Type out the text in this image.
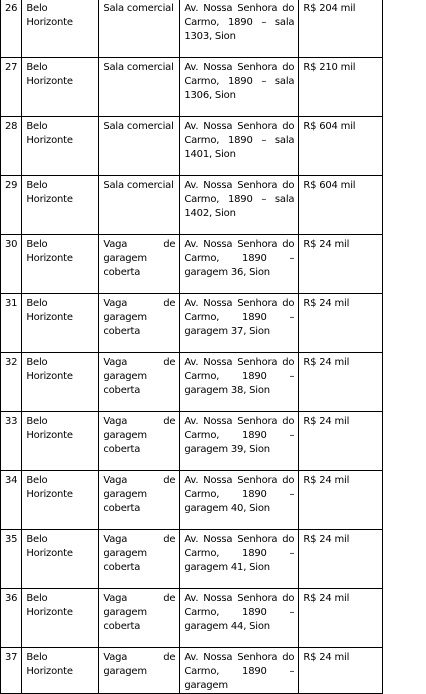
26	Belo Horizonte	Sala comercial	Av. Nossa Senhora do Carmo, 1890 – sala 1303, Sion	R$ 204 mil
27	Belo Horizonte	Sala comercial	Av. Nossa Senhora do Carmo, 1890 – sala 1306, Sion	R$ 210 mil
28	Belo Horizonte	Sala comercial	Av. Nossa Senhora do Carmo, 1890 – sala 1401, Sion	R$ 604 mil
29	Belo Horizonte	Sala comercial	Av. Nossa Senhora do Carmo, 1890 – sala 1402, Sion	R$ 604 mil
30	Belo Horizonte	Vaga de garagem coberta	Av. Nossa Senhora do Carmo, 1890 – garagem 36, Sion	R$ 24 mil
31	Belo Horizonte	Vaga de garagem coberta	Av. Nossa Senhora do Carmo, 1890 – garagem 37, Sion	R$ 24 mil
32	Belo Horizonte	Vaga de garagem coberta	Av. Nossa Senhora do Carmo, 1890 – garagem 38, Sion	R$ 24 mil
33	Belo Horizonte	Vaga de garagem coberta	Av. Nossa Senhora do Carmo, 1890 – garagem 39, Sion	R$ 24 mil
34	Belo Horizonte	Vaga de garagem coberta	Av. Nossa Senhora do Carmo, 1890 – garagem 40, Sion	R$ 24 mil
35	Belo Horizonte	Vaga de garagem coberta	Av. Nossa Senhora do Carmo, 1890 – garagem 41, Sion	R$ 24 mil
36	Belo Horizonte	Vaga de garagem coberta	Av. Nossa Senhora do Carmo, 1890 – garagem 44, Sion	R$ 24 mil
37	Belo Horizonte	Vaga de garagem	Av. Nossa Senhora do Carmo, 1890 – garagem	R$ 24 mil
